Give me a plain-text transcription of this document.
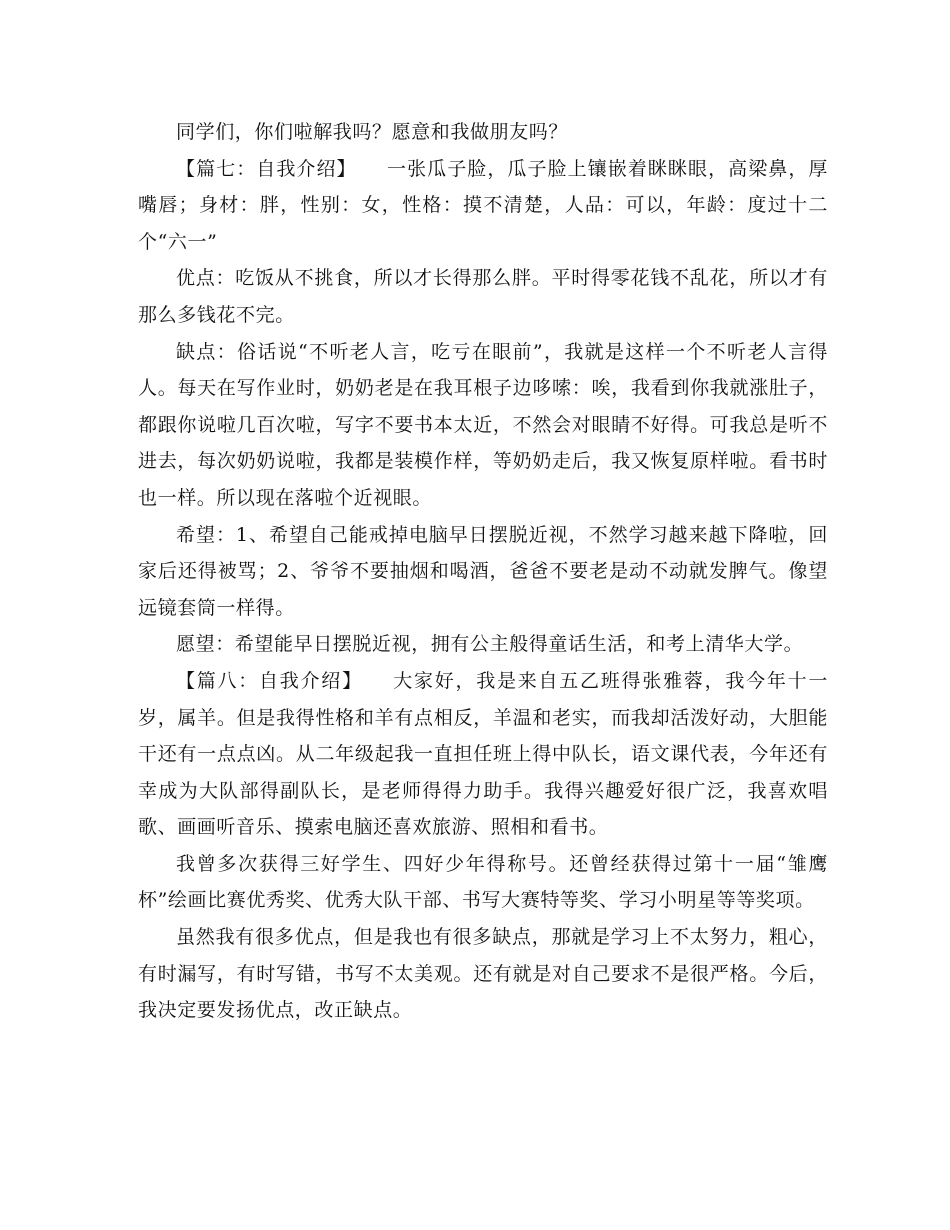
同学们，你们啦解我吗？愿意和我做朋友吗？

【篇七：自我介绍】 一张瓜子脸，瓜子脸上镶嵌着眯眯眼，高梁鼻，厚嘴唇；身材：胖，性别：女，性格：摸不清楚，人品：可以，年龄：度过十二个“六一”

优点：吃饭从不挑食，所以才长得那么胖。平时得零花钱不乱花，所以才有那么多钱花不完。

缺点：俗话说“不听老人言，吃亏在眼前”，我就是这样一个不听老人言得人。每天在写作业时，奶奶老是在我耳根子边哆嗦：唉，我看到你我就涨肚子，都跟你说啦几百次啦，写字不要书本太近，不然会对眼睛不好得。可我总是听不进去，每次奶奶说啦，我都是装模作样，等奶奶走后，我又恢复原样啦。看书时也一样。所以现在落啦个近视眼。

希望：1、希望自己能戒掉电脑早日摆脱近视，不然学习越来越下降啦，回家后还得被骂；2、爷爷不要抽烟和喝酒，爸爸不要老是动不动就发脾气。像望远镜套筒一样得。

愿望：希望能早日摆脱近视，拥有公主般得童话生活，和考上清华大学。

【篇八：自我介绍】 大家好，我是来自五乙班得张雅蓉，我今年十一岁，属羊。但是我得性格和羊有点相反，羊温和老实，而我却活泼好动，大胆能干还有一点点凶。从二年级起我一直担任班上得中队长，语文课代表，今年还有幸成为大队部得副队长，是老师得得力助手。我得兴趣爱好很广泛，我喜欢唱歌、画画听音乐、摸索电脑还喜欢旅游、照相和看书。

我曾多次获得三好学生、四好少年得称号。还曾经获得过第十一届“雏鹰杯”绘画比赛优秀奖、优秀大队干部、书写大赛特等奖、学习小明星等等奖项。

虽然我有很多优点，但是我也有很多缺点，那就是学习上不太努力，粗心，有时漏写，有时写错，书写不太美观。还有就是对自己要求不是很严格。今后，我决定要发扬优点，改正缺点。
